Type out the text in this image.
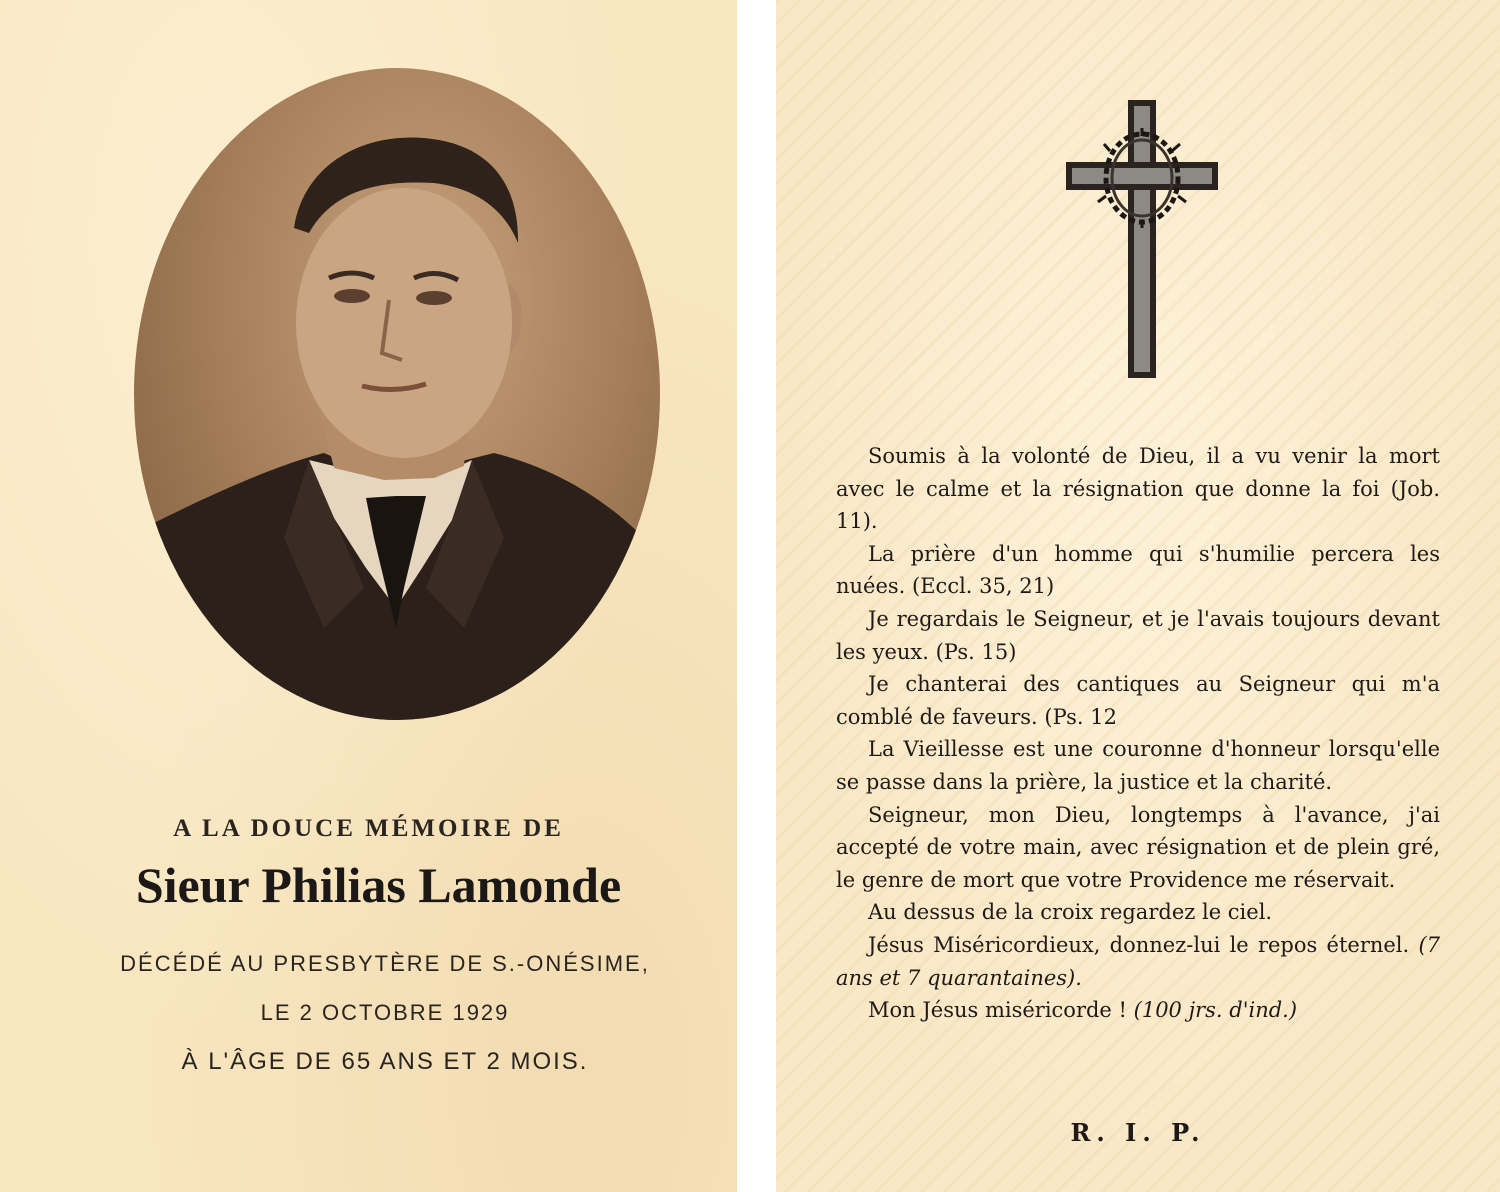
A LA DOUCE MÉMOIRE DE
Sieur Philias Lamonde
DÉCÉDÉ AU PRESBYTÈRE DE S.-ONÉSIME,
LE 2 OCTOBRE 1929
À L'ÂGE DE 65 ANS ET 2 MOIS.

Soumis à la volonté de Dieu, il a vu venir la mort avec le calme et la résignation que donne la foi (Job. 11).

La prière d'un homme qui s'humilie percera les nuées. (Eccl. 35, 21)

Je regardais le Seigneur, et je l'avais toujours devant les yeux. (Ps. 15)

Je chanterai des cantiques au Seigneur qui m'a comblé de faveurs. (Ps. 12

La Vieillesse est une couronne d'honneur lorsqu'elle se passe dans la prière, la justice et la charité.

Seigneur, mon Dieu, longtemps à l'avance, j'ai accepté de votre main, avec résignation et de plein gré, le genre de mort que votre Providence me réservait.

Au dessus de la croix regardez le ciel.

Jésus Miséricordieux, donnez-lui le repos éternel. (7 ans et 7 quarantaines).

Mon Jésus miséricorde ! (100 jrs. d'ind.)

R. I. P.
